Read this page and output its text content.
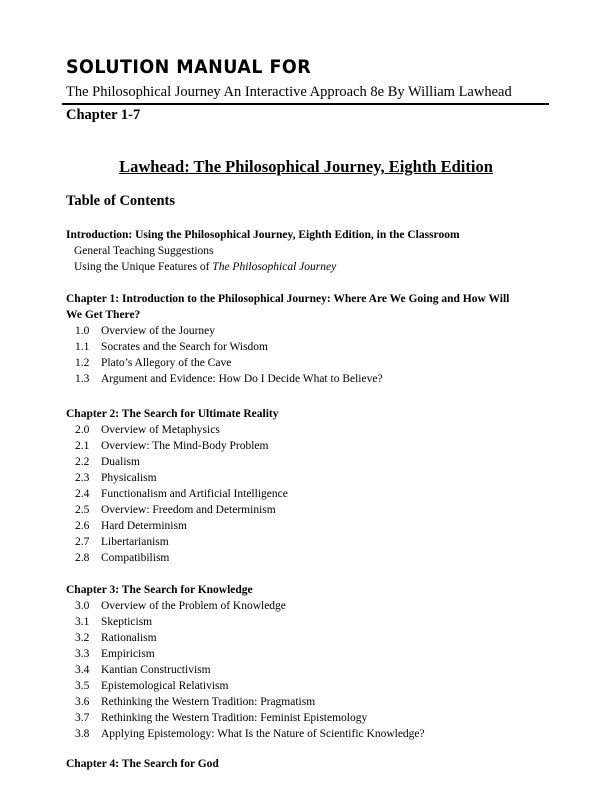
SOLUTION MANUAL FOR
The Philosophical Journey An Interactive Approach 8e By William Lawhead
Chapter 1-7
Lawhead: The Philosophical Journey, Eighth Edition
Table of Contents
Introduction: Using the Philosophical Journey, Eighth Edition, in the Classroom
General Teaching Suggestions
Using the Unique Features of The Philosophical Journey
Chapter 1: Introduction to the Philosophical Journey: Where Are We Going and How Will
We Get There?
1.0 Overview of the Journey
1.1 Socrates and the Search for Wisdom
1.2 Plato’s Allegory of the Cave
1.3 Argument and Evidence: How Do I Decide What to Believe?
Chapter 2: The Search for Ultimate Reality
2.0 Overview of Metaphysics
2.1 Overview: The Mind-Body Problem
2.2 Dualism
2.3 Physicalism
2.4 Functionalism and Artificial Intelligence
2.5 Overview: Freedom and Determinism
2.6 Hard Determinism
2.7 Libertarianism
2.8 Compatibilism
Chapter 3: The Search for Knowledge
3.0 Overview of the Problem of Knowledge
3.1 Skepticism
3.2 Rationalism
3.3 Empiricism
3.4 Kantian Constructivism
3.5 Epistemological Relativism
3.6 Rethinking the Western Tradition: Pragmatism
3.7 Rethinking the Western Tradition: Feminist Epistemology
3.8 Applying Epistemology: What Is the Nature of Scientific Knowledge?
Chapter 4: The Search for God
